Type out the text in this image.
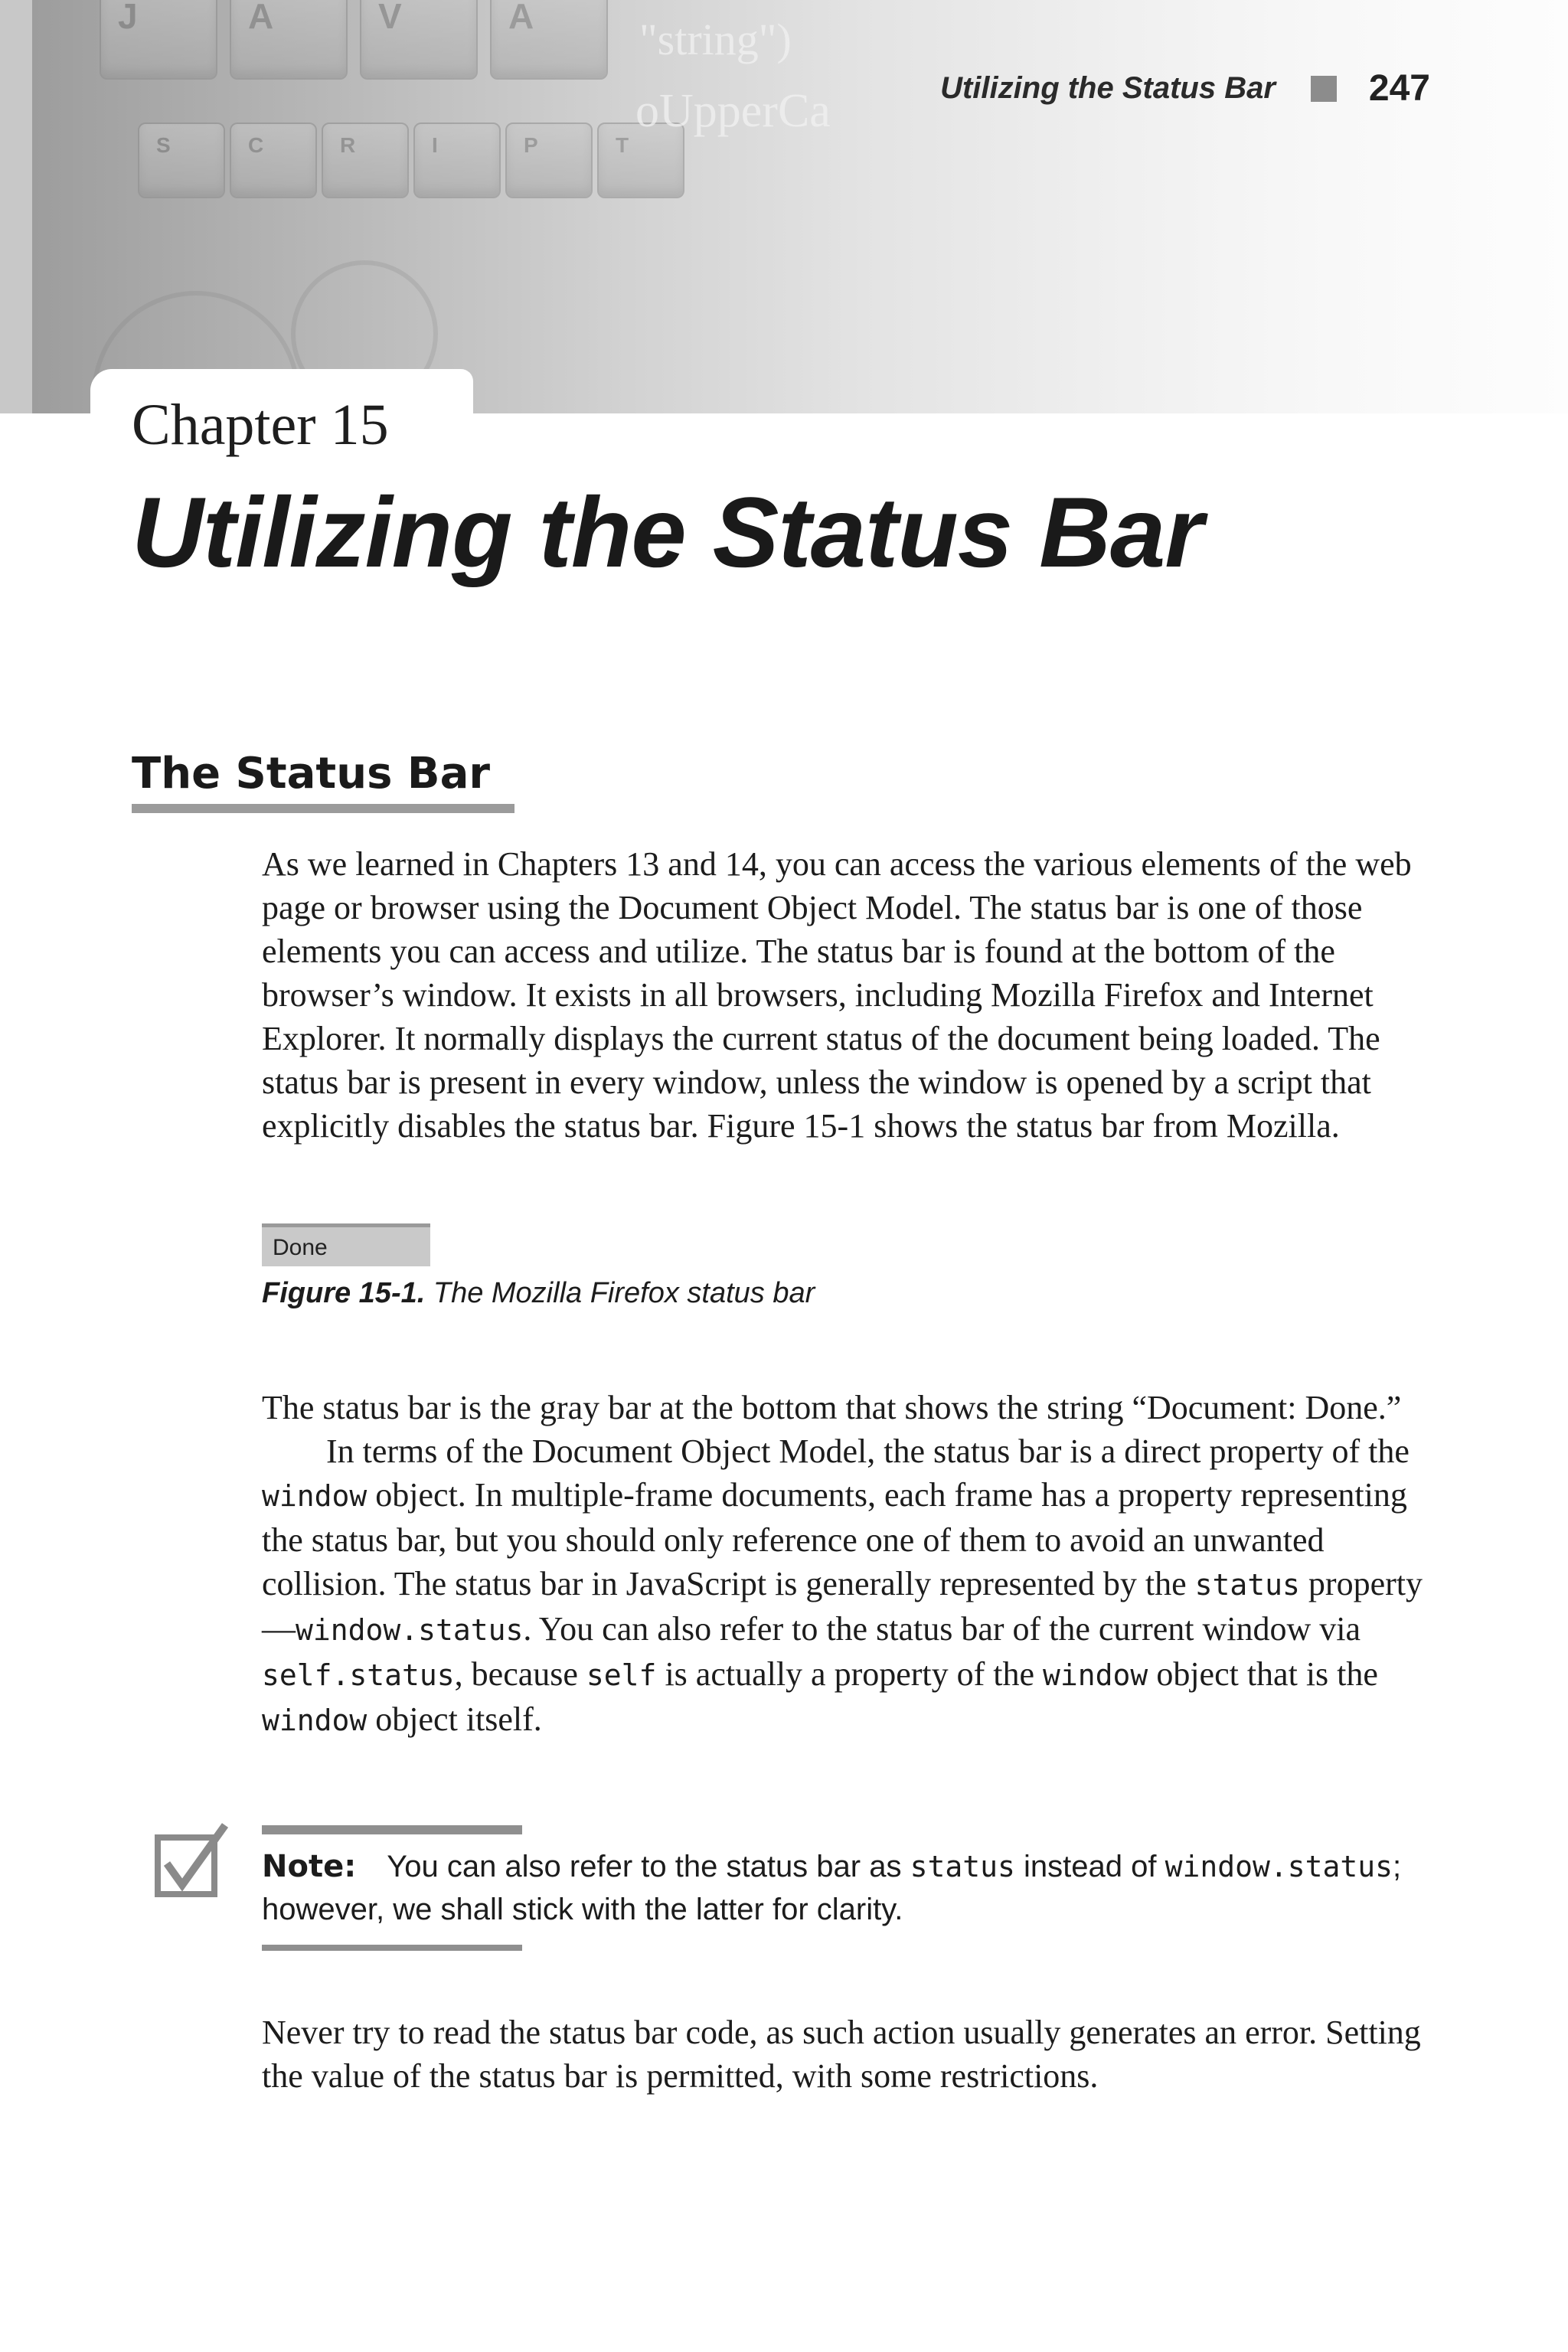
J	A	V	A
S	C	R	I	P	T
"string")
oUpperCa	Utilizing the Status Bar	247
Chapter 15
Utilizing the Status Bar
The Status Bar

As we learned in Chapters 13 and 14, you can access the various elements of the web page or browser using the Document Object Model. The status bar is one of those elements you can access and utilize. The status bar is found at the bottom of the browser’s window. It exists in all browsers, including Mozilla Firefox and Internet Explorer. It normally displays the current status of the document being loaded. The status bar is present in every window, unless the window is opened by a script that explicitly disables the status bar. Figure 15-1 shows the status bar from Mozilla.

Done
Figure 15-1. The Mozilla Firefox status bar

The status bar is the gray bar at the bottom that shows the string “Document: Done.”

In terms of the Document Object Model, the status bar is a direct property of the window object. In multiple-frame documents, each frame has a property representing the status bar, but you should only reference one of them to avoid an unwanted collision. The status bar in JavaScript is generally represented by the status property—window.status. You can also refer to the status bar of the current window via self.status, because self is actually a property of the window object that is the window object itself.

Note: You can also refer to the status bar as status instead of window.status; however, we shall stick with the latter for clarity.

Never try to read the status bar code, as such action usually generates an error. Setting the value of the status bar is permitted, with some restrictions.
